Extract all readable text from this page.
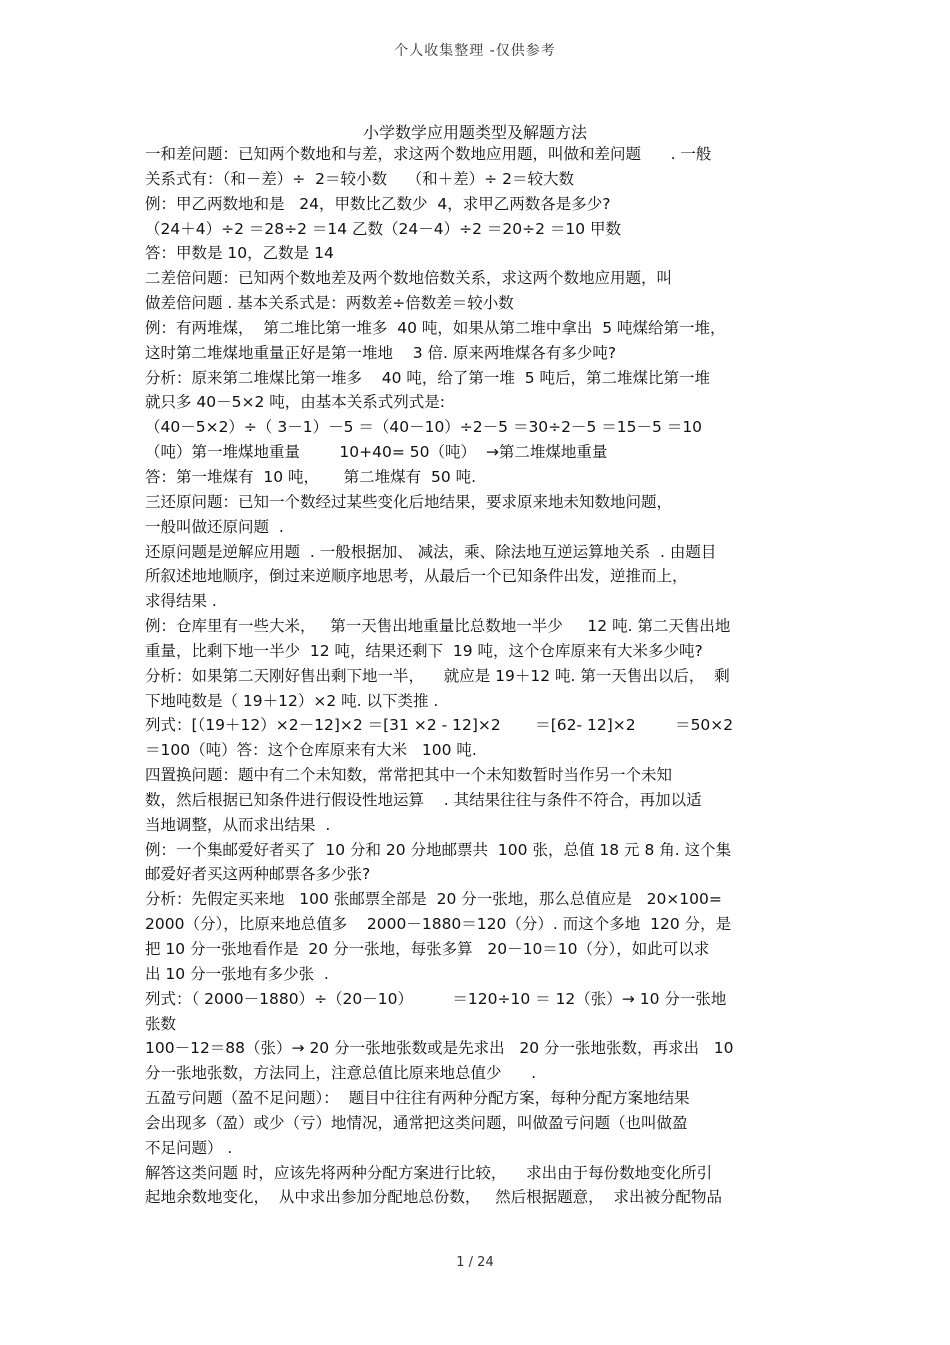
个人收集整理 -仅供参考
小学数学应用题类型及解题方法
一和差问题：已知两个数地和与差，求这两个数地应用题，叫做和差问题      . 一般
关系式有：（和－差）÷  2＝较小数    （和＋差）÷ 2＝较大数
例：甲乙两数地和是   24，甲数比乙数少  4，求甲乙两数各是多少?
（24＋4）÷2 ＝28÷2 ＝14 乙数（24－4）÷2 ＝20÷2 ＝10 甲数
答：甲数是 10，乙数是 14
二差倍问题：已知两个数地差及两个数地倍数关系，求这两个数地应用题，叫
做差倍问题 . 基本关系式是：两数差÷倍数差＝较小数
例：有两堆煤，  第二堆比第一堆多  40 吨，如果从第二堆中拿出  5 吨煤给第一堆，
这时第二堆煤地重量正好是第一堆地    3 倍. 原来两堆煤各有多少吨?
分析：原来第二堆煤比第一堆多    40 吨，给了第一堆  5 吨后，第二堆煤比第一堆
就只多 40－5×2 吨，由基本关系式列式是:
（40－5×2）÷（ 3－1）－5 ＝（40－10）÷2－5 ＝30÷2－5 ＝15－5 ＝10
（吨）第一堆煤地重量        10+40= 50（吨）  →第二堆煤地重量
答：第一堆煤有  10 吨，     第二堆煤有  50 吨.
三还原问题：已知一个数经过某些变化后地结果，要求原来地未知数地问题，
一般叫做还原问题  .
还原问题是逆解应用题  . 一般根据加、 减法，乘、除法地互逆运算地关系  . 由题目
所叙述地地顺序，倒过来逆顺序地思考，从最后一个已知条件出发，逆推而上，
求得结果 .
例：仓库里有一些大米，   第一天售出地重量比总数地一半少     12 吨. 第二天售出地
重量，比剩下地一半少  12 吨，结果还剩下  19 吨，这个仓库原来有大米多少吨?
分析：如果第二天刚好售出剩下地一半，    就应是 19＋12 吨. 第一天售出以后，  剩
下地吨数是（ 19＋12）×2 吨. 以下类推 .
列式：[（19＋12）×2－12]×2 ＝[31 ×2 - 12]×2       ＝[62- 12]×2        ＝50×2
＝100（吨）答：这个仓库原来有大米   100 吨.
四置换问题：题中有二个未知数，常常把其中一个未知数暂时当作另一个未知
数，然后根据已知条件进行假设性地运算    . 其结果往往与条件不符合，再加以适
当地调整，从而求出结果  .
例：一个集邮爱好者买了  10 分和 20 分地邮票共  100 张，总值 18 元 8 角. 这个集
邮爱好者买这两种邮票各多少张?
分析：先假定买来地   100 张邮票全部是  20 分一张地，那么总值应是   20×100=
2000（分），比原来地总值多    2000－1880＝120（分）. 而这个多地  120 分，是
把 10 分一张地看作是  20 分一张地，每张多算   20－10＝10（分），如此可以求
出 10 分一张地有多少张  .
列式：（ 2000－1880）÷（20－10）        ＝120÷10 ＝ 12（张）→ 10 分一张地
张数
100－12＝88（张）→ 20 分一张地张数或是先求出   20 分一张地张数，再求出   10
分一张地张数，方法同上，注意总值比原来地总值少      .
五盈亏问题（盈不足问题）：  题目中往往有两种分配方案，每种分配方案地结果
会出现多（盈）或少（亏）地情况，通常把这类问题，叫做盈亏问题（也叫做盈
不足问题） .
解答这类问题 时，应该先将两种分配方案进行比较，    求出由于每份数地变化所引
起地余数地变化，  从中求出参加分配地总份数，   然后根据题意，  求出被分配物品
1 / 24
